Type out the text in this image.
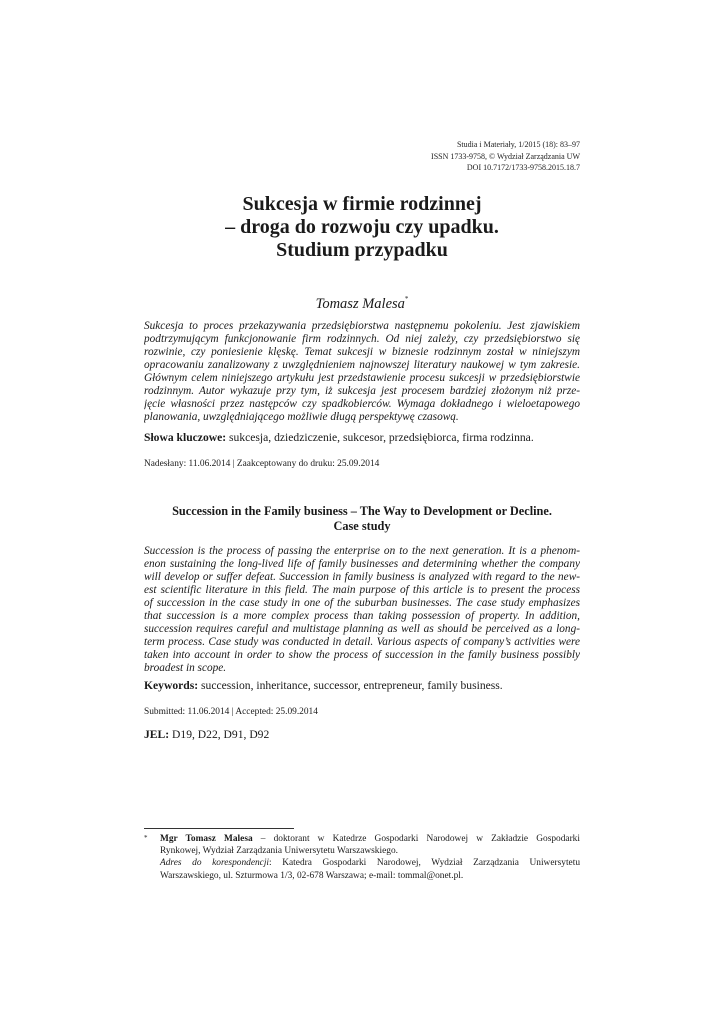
Studia i Materiały, 1/2015 (18): 83–97
ISSN 1733-9758, © Wydział Zarządzania UW
DOI 10.7172/1733-9758.2015.18.7
Sukcesja w firmie rodzinnej
– droga do rozwoju czy upadku.
Studium przypadku
Tomasz Malesa*
Sukcesja to proces przekazywania przedsiębiorstwa następnemu pokoleniu. Jest zjawiskiem
podtrzymującym funkcjonowanie firm rodzinnych. Od niej zależy, czy przedsiębiorstwo się
rozwinie, czy poniesienie klęskę. Temat sukcesji w biznesie rodzinnym został w niniejszym
opracowaniu zanalizowany z uwzględnieniem najnowszej literatury naukowej w tym zakresie.
Głównym celem niniejszego artykułu jest przedstawienie procesu sukcesji w przedsiębiorstwie
rodzinnym. Autor wykazuje przy tym, iż sukcesja jest procesem bardziej złożonym niż prze-
jęcie własności przez następców czy spadkobierców. Wymaga dokładnego i wieloetapowego
planowania, uwzględniającego możliwie długą perspektywę czasową.
Słowa kluczowe: sukcesja, dziedziczenie, sukcesor, przedsiębiorca, firma rodzinna.
Nadesłany: 11.06.2014 | Zaakceptowany do druku: 25.09.2014
Succession in the Family business – The Way to Development or Decline.
Case study
Succession is the process of passing the enterprise on to the next generation. It is a phenom-
enon sustaining the long-lived life of family businesses and determining whether the company
will develop or suffer defeat. Succession in family business is analyzed with regard to the new-
est scientific literature in this field. The main purpose of this article is to present the process
of succession in the case study in one of the suburban businesses. The case study emphasizes
that succession is a more complex process than taking possession of property. In addition,
succession requires careful and multistage planning as well as should be perceived as a long-
term process. Case study was conducted in detail. Various aspects of company’s activities were
taken into account in order to show the process of succession in the family business possibly
broadest in scope.
Keywords: succession, inheritance, successor, entrepreneur, family business.
Submitted: 11.06.2014 | Accepted: 25.09.2014
JEL: D19, D22, D91, D92
*	Mgr Tomasz Malesa – doktorant w Katedrze Gospodarki Narodowej w Zakładzie Gospodarki
Rynkowej, Wydział Zarządzania Uniwersytetu Warszawskiego.
Adres do korespondencji: Katedra Gospodarki Narodowej, Wydział Zarządzania Uniwersytetu
Warszawskiego, ul. Szturmowa 1/3, 02-678 Warszawa; e-mail: tommal@onet.pl.
